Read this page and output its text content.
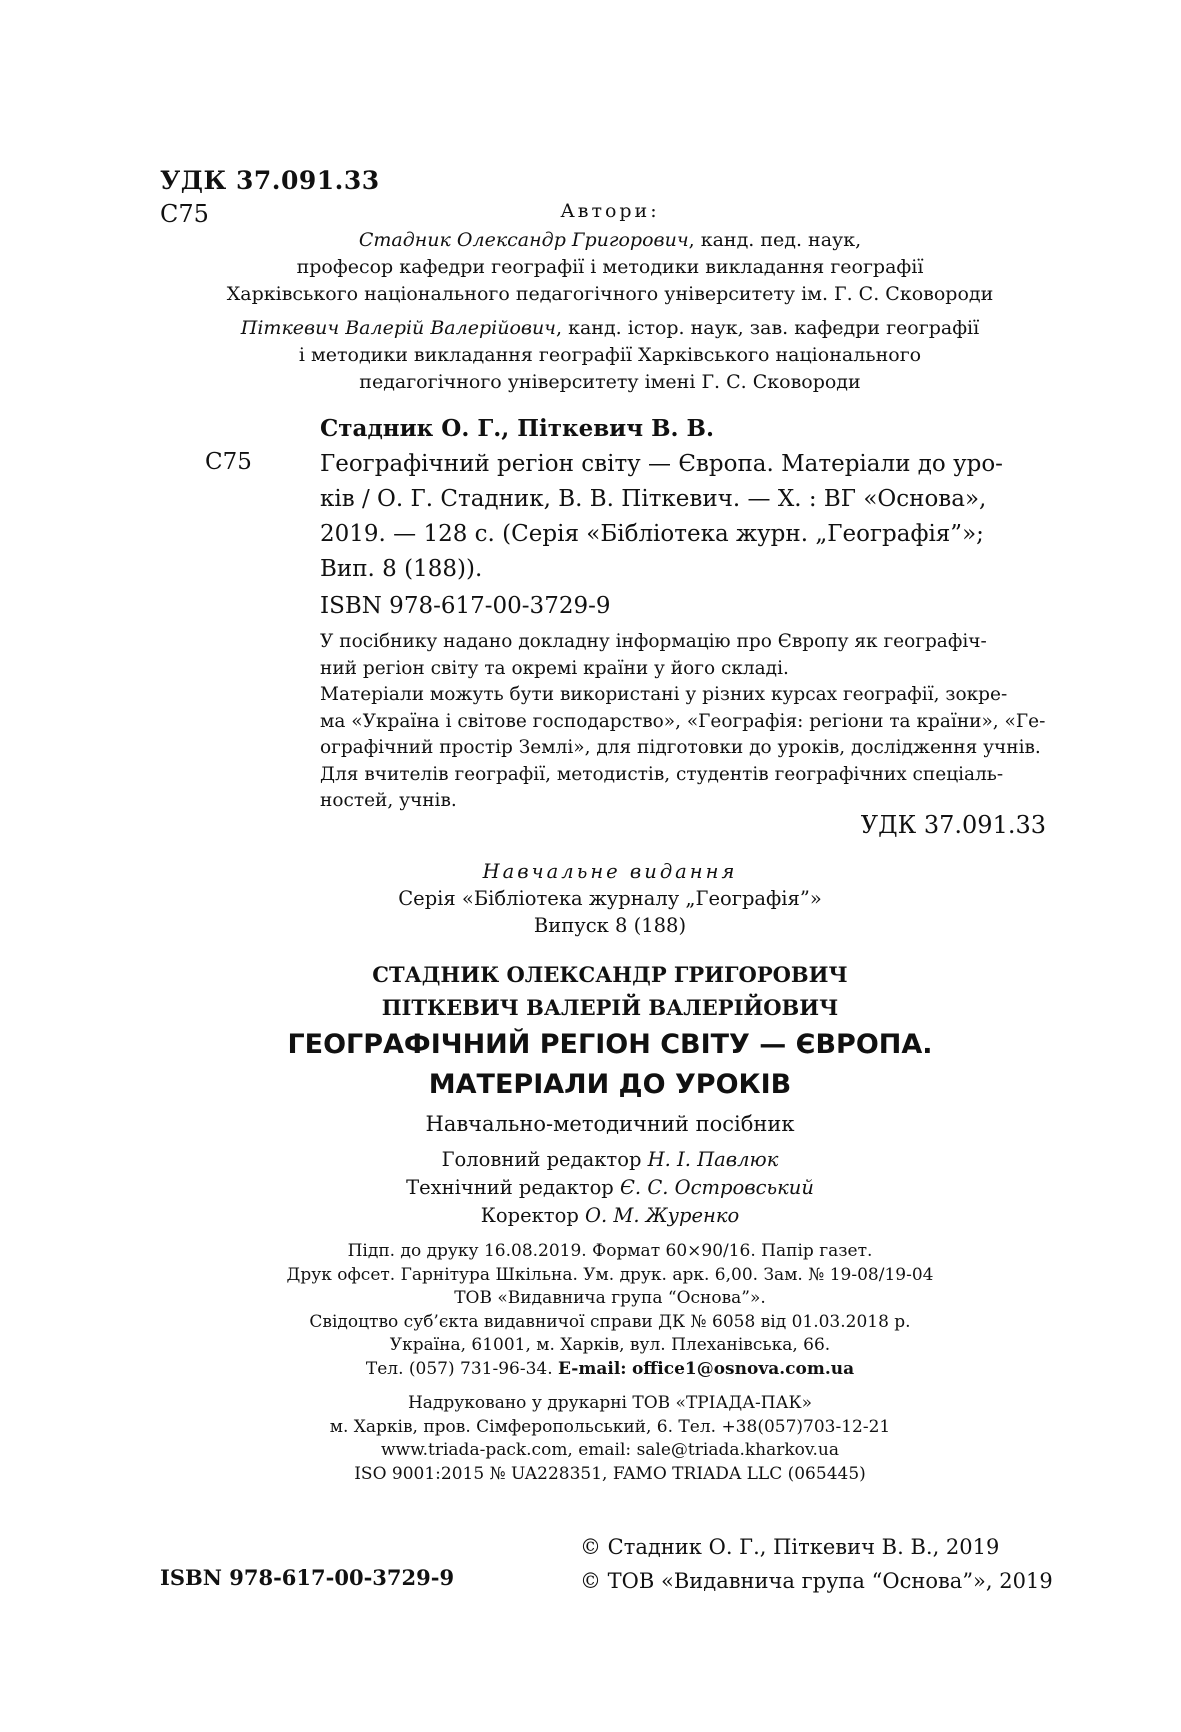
УДК 37.091.33
С75	Автори:
Стадник Олександр Григорович, канд. пед. наук,
професор кафедри географії і методики викладання географії
Харківського національного педагогічного університету ім. Г. С. Сковороди
Піткевич Валерій Валерійович, канд. істор. наук, зав. кафедри географії
і методики викладання географії Харківського національного
педагогічного університету імені Г. С. Сковороди
Стадник О. Г., Піткевич В. В.
С75	Географічний регіон світу — Європа. Матеріали до уро-
ків / О. Г. Стадник, В. В. Піткевич. — Х. : ВГ «Основа»,
2019. — 128 с. (Серія «Бібліотека журн. „Географія”»;
Вип. 8 (188)).
ISBN 978-617-00-3729-9
У посібнику надано докладну інформацію про Європу як географіч-
ний регіон світу та окремі країни у його складі.
Матеріали можуть бути використані у різних курсах географії, зокре-
ма «Україна і світове господарство», «Географія: регіони та країни», «Ге-
ографічний простір Землі», для підготовки до уроків, дослідження учнів.
Для вчителів географії, методистів, студентів географічних спеціаль-
ностей, учнів.
УДК 37.091.33
Навчальне видання
Серія «Бібліотека журналу „Географія”»
Випуск 8 (188)
СТАДНИК ОЛЕКСАНДР ГРИГОРОВИЧ
ПІТКЕВИЧ ВАЛЕРІЙ ВАЛЕРІЙОВИЧ
ГЕОГРАФІЧНИЙ РЕГІОН СВІТУ — ЄВРОПА.
МАТЕРІАЛИ ДО УРОКІВ
Навчально-методичний посібник
Головний редактор Н. І. Павлюк
Технічний редактор Є. С. Островський
Коректор О. М. Журенко
Підп. до друку 16.08.2019. Формат 60×90/16. Папір газет.
Друк офсет. Гарнітура Шкільна. Ум. друк. арк. 6,00. Зам. № 19-08/19-04
ТОВ «Видавнича група “Основа”».
Свідоцтво суб’єкта видавничої справи ДК № 6058 від 01.03.2018 р.
Україна, 61001, м. Харків, вул. Плеханівська, 66.
Тел. (057) 731-96-34. E-mail: office1@osnova.com.ua
Надруковано у друкарні ТОВ «ТРІАДА-ПАК»
м. Харків, пров. Сімферопольський, 6. Тел. +38(057)703-12-21
www.triada-pack.com, email: sale@triada.kharkov.ua
ISO 9001:2015 № UA228351, FAMO TRIADA LLC (065445)
ISBN 978-617-00-3729-9
© Стадник О. Г., Піткевич В. В., 2019
© ТОВ «Видавнича група “Основа”», 2019
